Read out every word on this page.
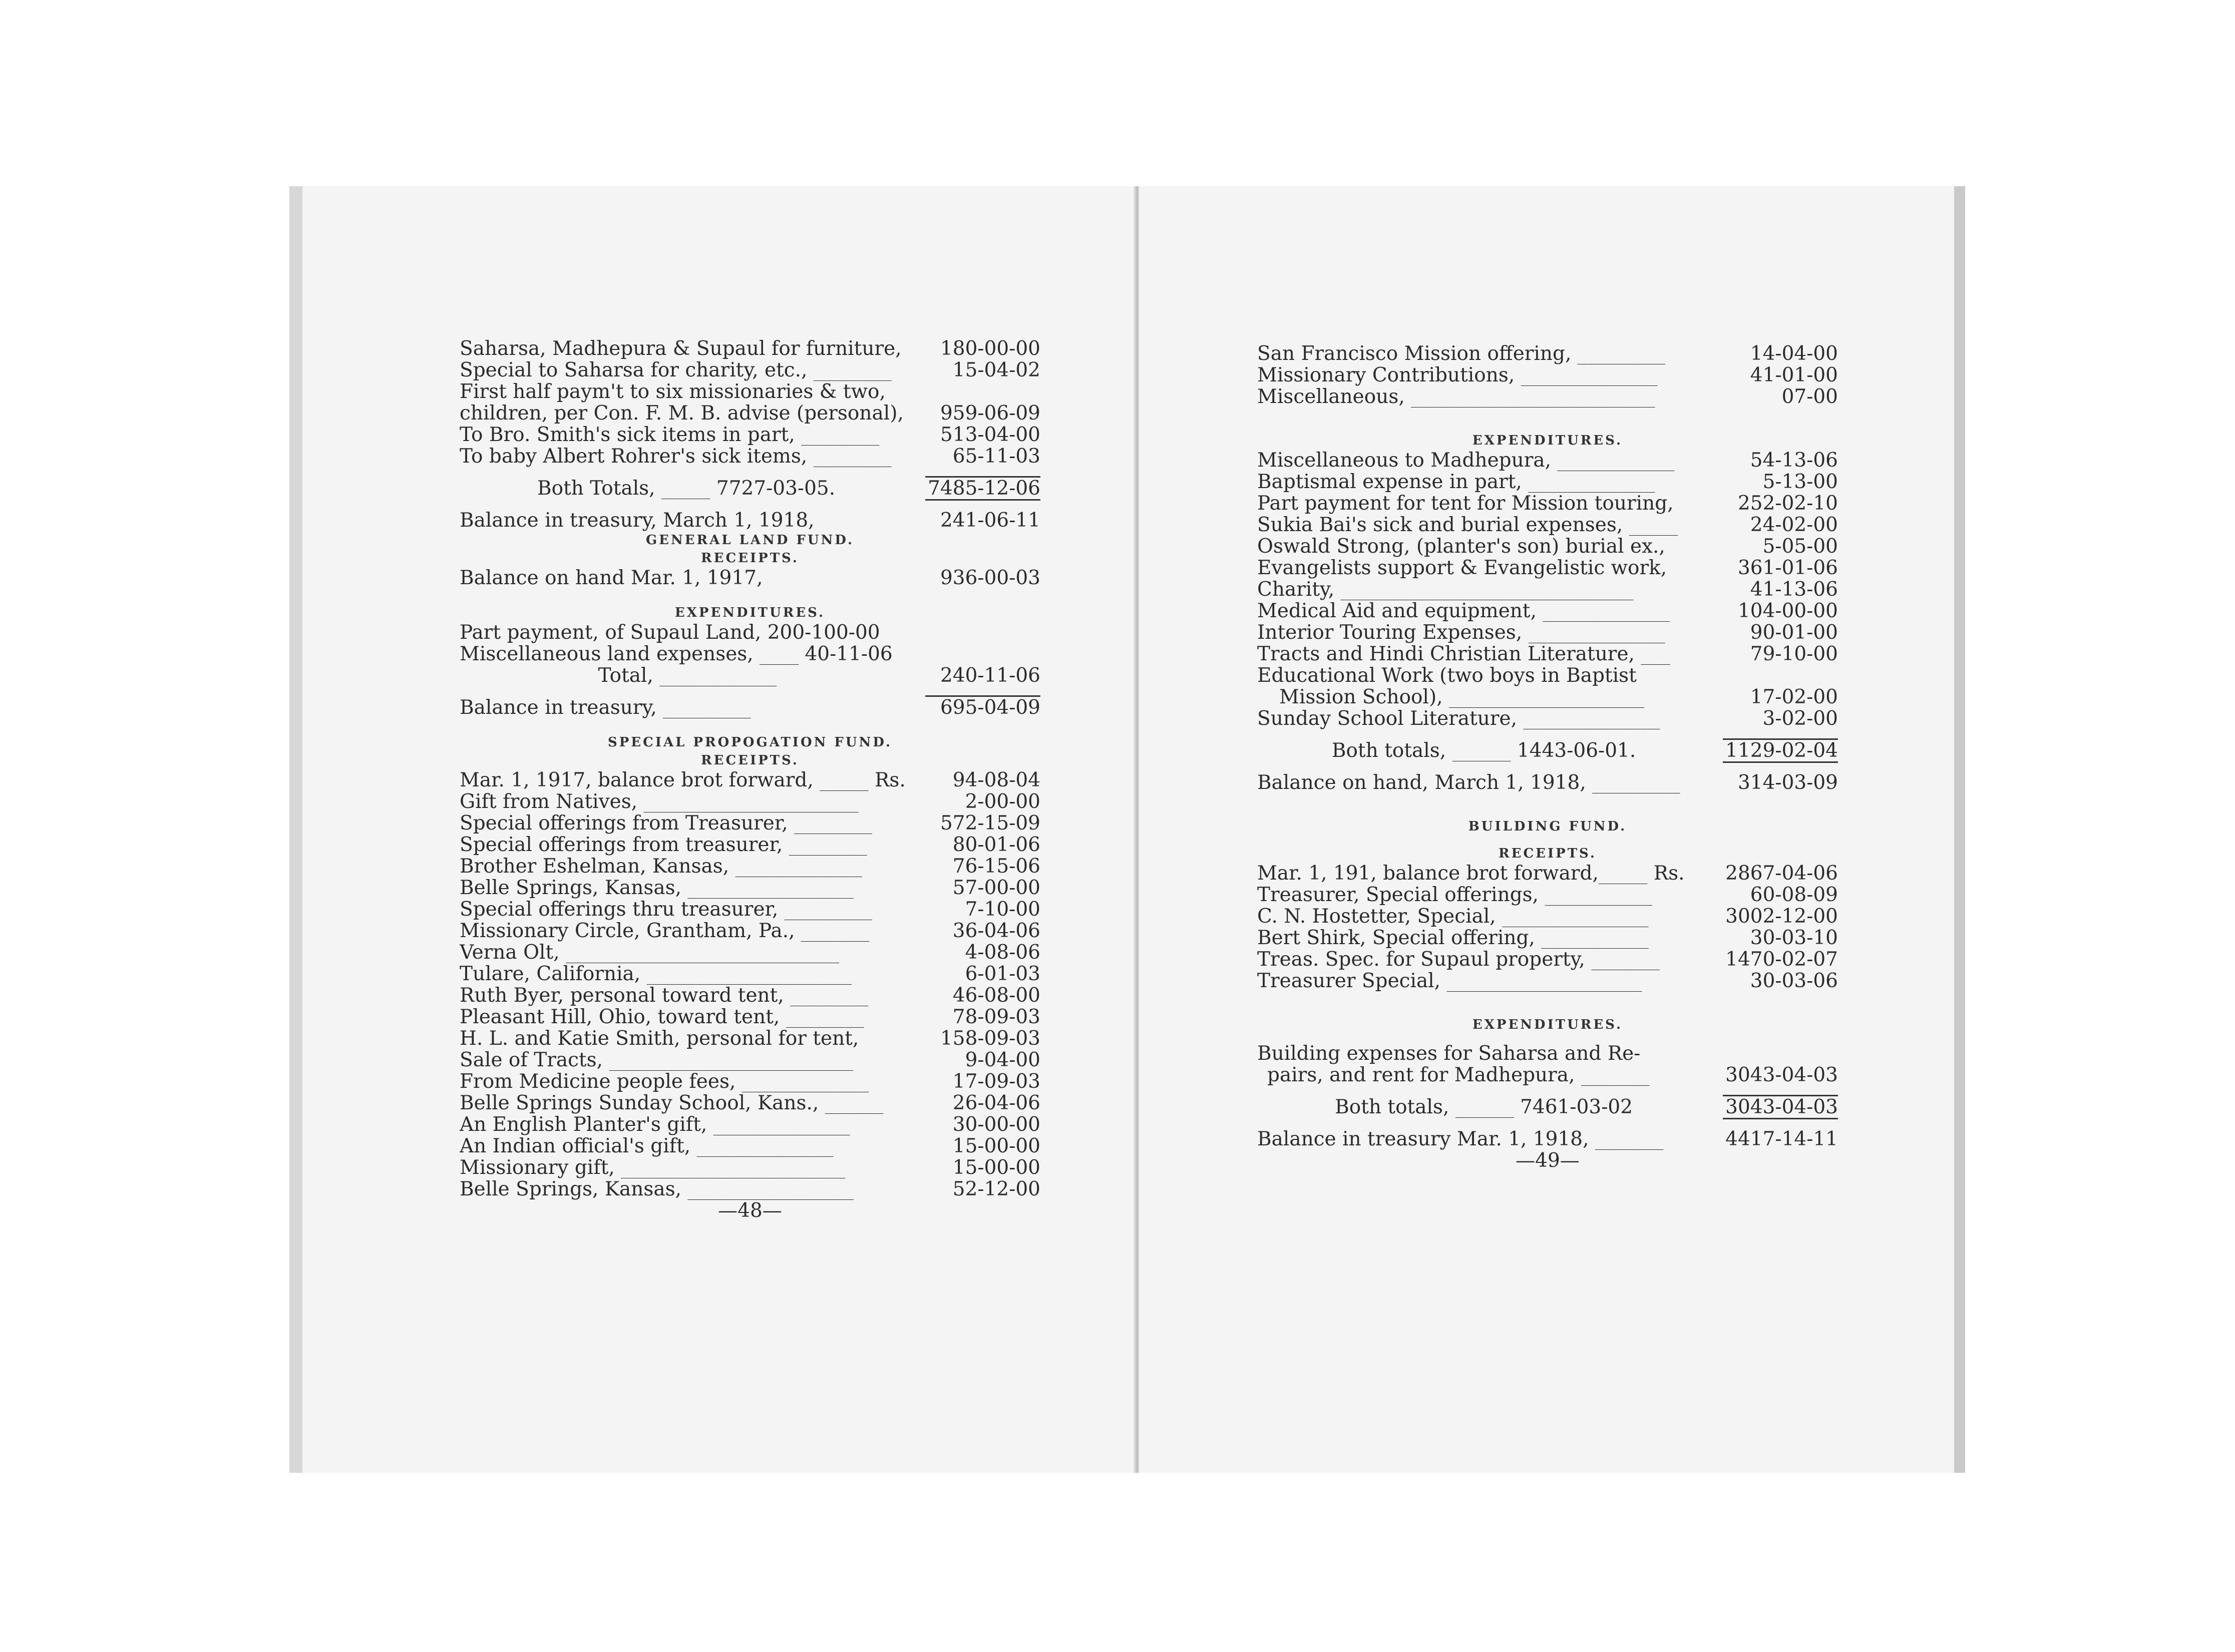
Saharsa, Madhepura & Supaul for furniture,	180-00-00
Special to Saharsa for charity, etc., ________	15-04-02
First half paym't to six missionaries & two,
children, per Con. F. M. B. advise (personal),	959-06-09
To Bro. Smith's sick items in part, ________	513-04-00
To baby Albert Rohrer's sick items, ________	65-11-03
Both Totals, _____ 7727-03-05.	7485-12-06
Balance in treasury, March 1, 1918,	241-06-11
GENERAL LAND FUND.
RECEIPTS.
Balance on hand Mar. 1, 1917,	936-00-03
EXPENDITURES.
Part payment, of Supaul Land, 200-100-00
Miscellaneous land expenses, ____ 40-11-06
Total, ____________	240-11-06
Balance in treasury, _________	695-04-09
SPECIAL PROPOGATION FUND.
RECEIPTS.
Mar. 1, 1917, balance brot forward, _____ Rs.	94-08-04
Gift from Natives, ______________________	2-00-00
Special offerings from Treasurer, ________	572-15-09
Special offerings from treasurer, ________	80-01-06
Brother Eshelman, Kansas, _____________	76-15-06
Belle Springs, Kansas, _________________	57-00-00
Special offerings thru treasurer, _________	7-10-00
Missionary Circle, Grantham, Pa., _______	36-04-06
Verna Olt, ____________________________	4-08-06
Tulare, California, _____________________	6-01-03
Ruth Byer, personal toward tent, ________	46-08-00
Pleasant Hill, Ohio, toward tent, ________	78-09-03
H. L. and Katie Smith, personal for tent,	158-09-03
Sale of Tracts, _________________________	9-04-00
From Medicine people fees, _____________	17-09-03
Belle Springs Sunday School, Kans., ______	26-04-06
An English Planter's gift, ______________	30-00-00
An Indian official's gift, ______________	15-00-00
Missionary gift, _______________________	15-00-00
Belle Springs, Kansas, _________________	52-12-00
—48—
San Francisco Mission offering, _________	14-04-00
Missionary Contributions, ______________	41-01-00
Miscellaneous, _________________________	07-00
EXPENDITURES.
Miscellaneous to Madhepura, ____________	54-13-06
Baptismal expense in part, _____________	5-13-00
Part payment for tent for Mission touring,	252-02-10
Sukia Bai's sick and burial expenses, _____	24-02-00
Oswald Strong, (planter's son) burial ex.,	5-05-00
Evangelists support & Evangelistic work,	361-01-06
Charity, ______________________________	41-13-06
Medical Aid and equipment, _____________	104-00-00
Interior Touring Expenses, ______________	90-01-00
Tracts and Hindi Christian Literature, ___	79-10-00
Educational Work (two boys in Baptist
Mission School), ____________________	17-02-00
Sunday School Literature, ______________	3-02-00
Both totals, ______ 1443-06-01.	1129-02-04
Balance on hand, March 1, 1918, _________	314-03-09
BUILDING FUND.
RECEIPTS.
Mar. 1, 191, balance brot forward,_____ Rs.	2867-04-06
Treasurer, Special offerings, ___________	60-08-09
C. N. Hostetter, Special, _______________	3002-12-00
Bert Shirk, Special offering, ___________	30-03-10
Treas. Spec. for Supaul property, _______	1470-02-07
Treasurer Special, ____________________	30-03-06
EXPENDITURES.
Building expenses for Saharsa and Re-
pairs, and rent for Madhepura, _______	3043-04-03
Both totals, ______ 7461-03-02	3043-04-03
Balance in treasury Mar. 1, 1918, _______	4417-14-11
—49—
